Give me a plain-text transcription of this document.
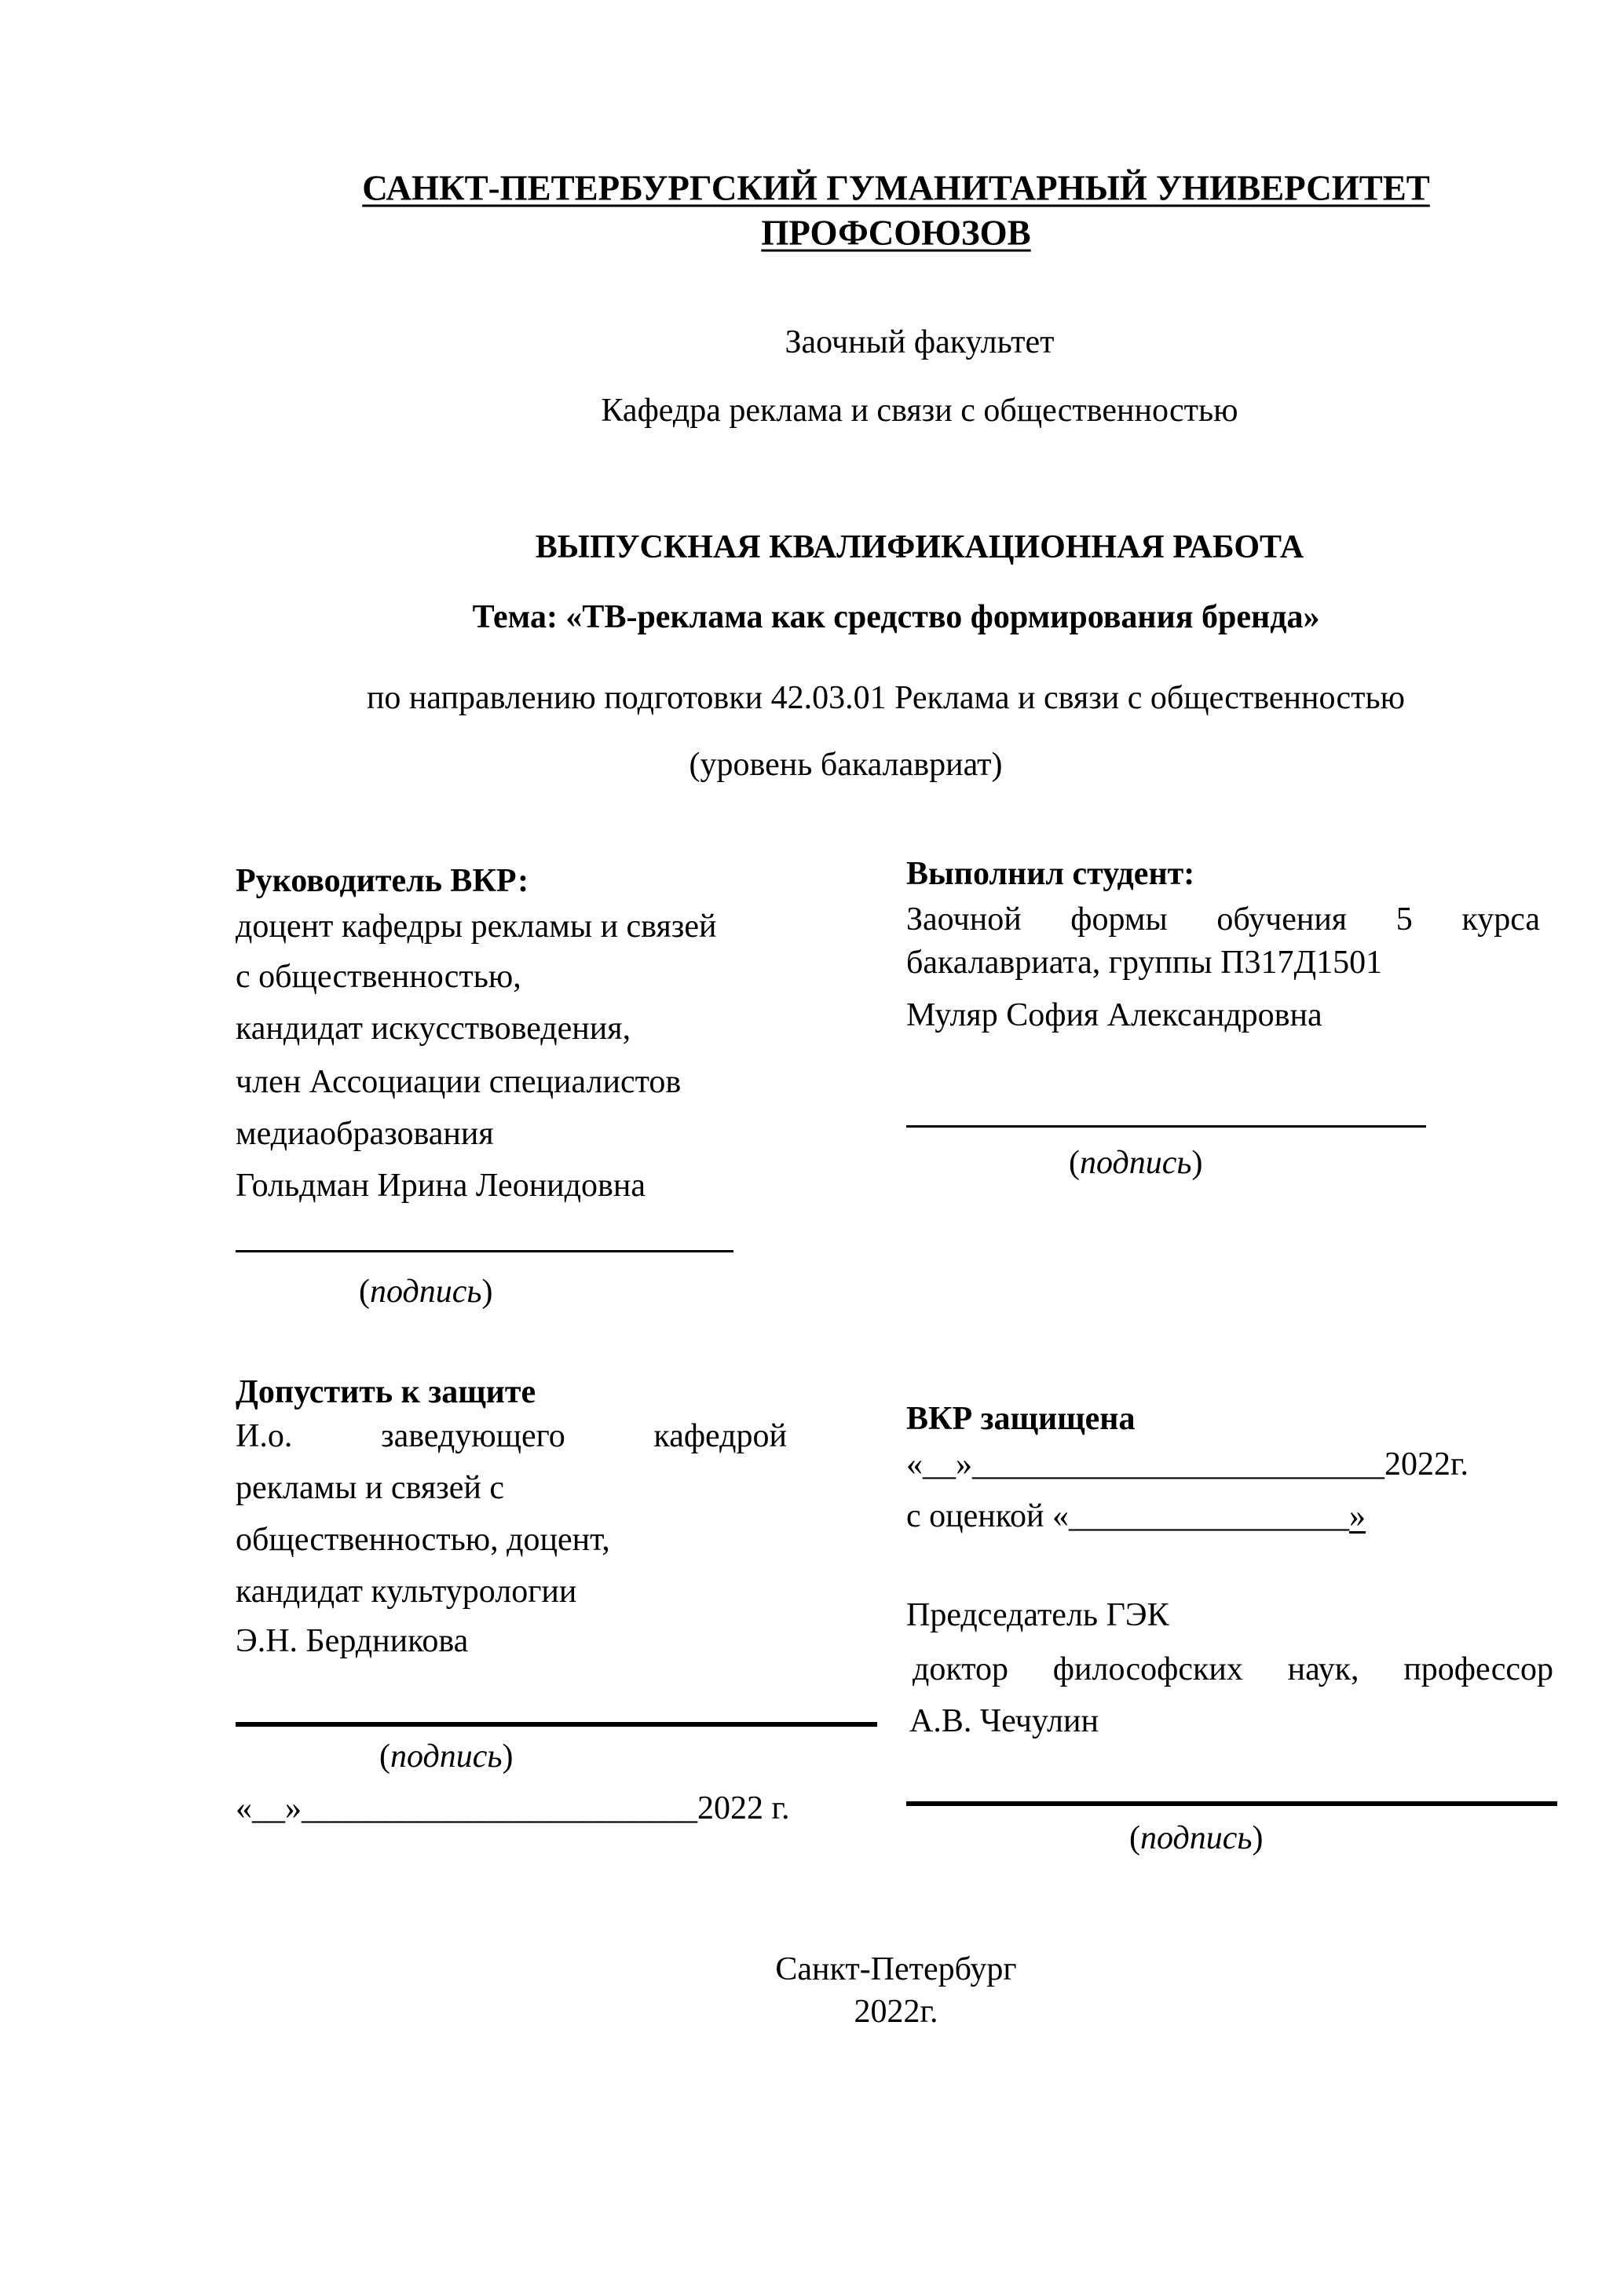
САНКТ-ПЕТЕРБУРГСКИЙ ГУМАНИТАРНЫЙ УНИВЕРСИТЕТ
ПРОФСОЮЗОВ
Заочный факультет
Кафедра реклама и связи с общественностью
ВЫПУСКНАЯ КВАЛИФИКАЦИОННАЯ РАБОТА
Тема: «ТВ-реклама как средство формирования бренда»
по направлению подготовки 42.03.01 Реклама и связи с общественностью
(уровень бакалавриат)
Руководитель ВКР:
доцент кафедры рекламы и связей
с общественностью,
кандидат искусствоведения,
член Ассоциации специалистов
медиаобразования
Гольдман Ирина Леонидовна
(подпись)
Выполнил студент:
Заочной формы обучения 5 курса
бакалавриата, группы П317Д1501
Муляр София Александровна
(подпись)
Допустить к защите
И.о. заведующего кафедрой
рекламы и связей с
общественностью, доцент,
кандидат культурологии
Э.Н. Бердникова
(подпись)
«__»________________________2022 г.
ВКР защищена
«__»_________________________2022г.
с оценкой «_________________»
Председатель ГЭК
доктор философских наук, профессор
А.В. Чечулин
(подпись)
Санкт-Петербург
2022г.
